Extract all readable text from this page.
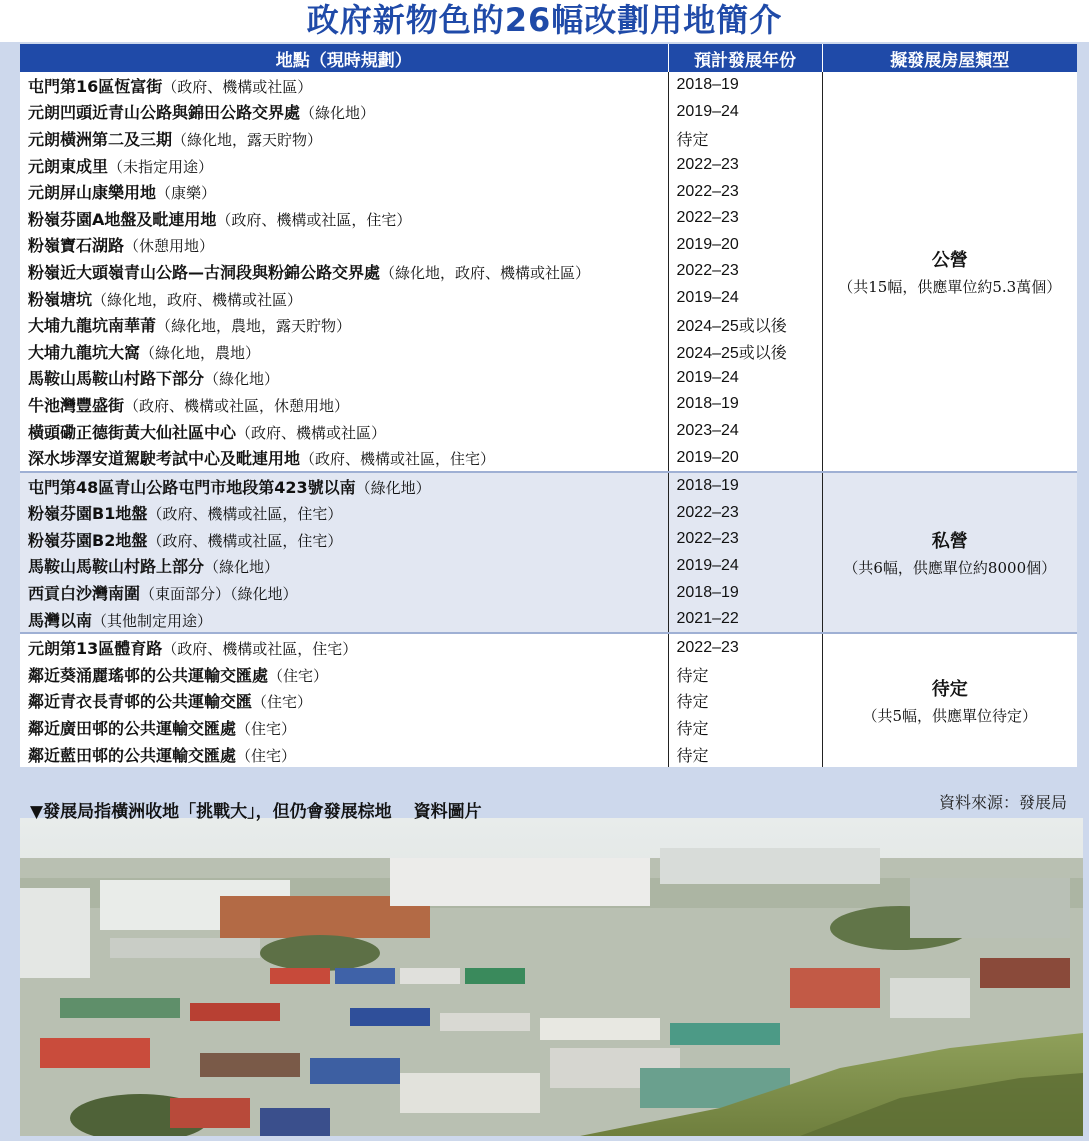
政府新物色的26幅改劃用地簡介
地點（現時規劃）	預計發展年份	擬發展房屋類型
屯門第16區恆富街（政府、機構或社區）	2018–19	公營
（共15幅，供應單位約5.3萬個）

元朗凹頭近青山公路與錦田公路交界處（綠化地）	2019–24	
元朗橫洲第二及三期（綠化地，露天貯物）	待定	
元朗東成里（未指定用途）	2022–23	
元朗屏山康樂用地（康樂）	2022–23	
粉嶺芬園A地盤及毗連用地（政府、機構或社區，住宅）	2022–23	
粉嶺寶石湖路（休憩用地）	2019–20	
粉嶺近大頭嶺青山公路—古洞段與粉錦公路交界處（綠化地，政府、機構或社區）	2022–23	
粉嶺塘坑（綠化地，政府、機構或社區）	2019–24	
大埔九龍坑南華莆（綠化地，農地，露天貯物）	2024–25或以後	
大埔九龍坑大窩（綠化地，農地）	2024–25或以後	
馬鞍山馬鞍山村路下部分（綠化地）	2019–24	
牛池灣豐盛街（政府、機構或社區，休憩用地）	2018–19	
橫頭磡正德街黃大仙社區中心（政府、機構或社區）	2023–24	
深水埗澤安道駕駛考試中心及毗連用地（政府、機構或社區，住宅）	2019–20	
屯門第48區青山公路屯門市地段第423號以南（綠化地）	2018–19	私營
（共6幅，供應單位約8000個）

粉嶺芬園B1地盤（政府、機構或社區，住宅）	2022–23	
粉嶺芬園B2地盤（政府、機構或社區，住宅）	2022–23	
馬鞍山馬鞍山村路上部分（綠化地）	2019–24	
西貢白沙灣南圍（東面部分）（綠化地）	2018–19	
馬灣以南（其他制定用途）	2021–22	
元朗第13區體育路（政府、機構或社區，住宅）	2022–23	待定
（共5幅，供應單位待定）

鄰近葵涌麗瑤邨的公共運輸交匯處（住宅）	待定	
鄰近青衣長青邨的公共運輸交匯（住宅）	待定	
鄰近廣田邨的公共運輸交匯處（住宅）	待定	
鄰近藍田邨的公共運輸交匯處（住宅）	待定	
資料來源：發展局
▼發展局指橫洲收地「挑戰大」，但仍會發展棕地 資料圖片
